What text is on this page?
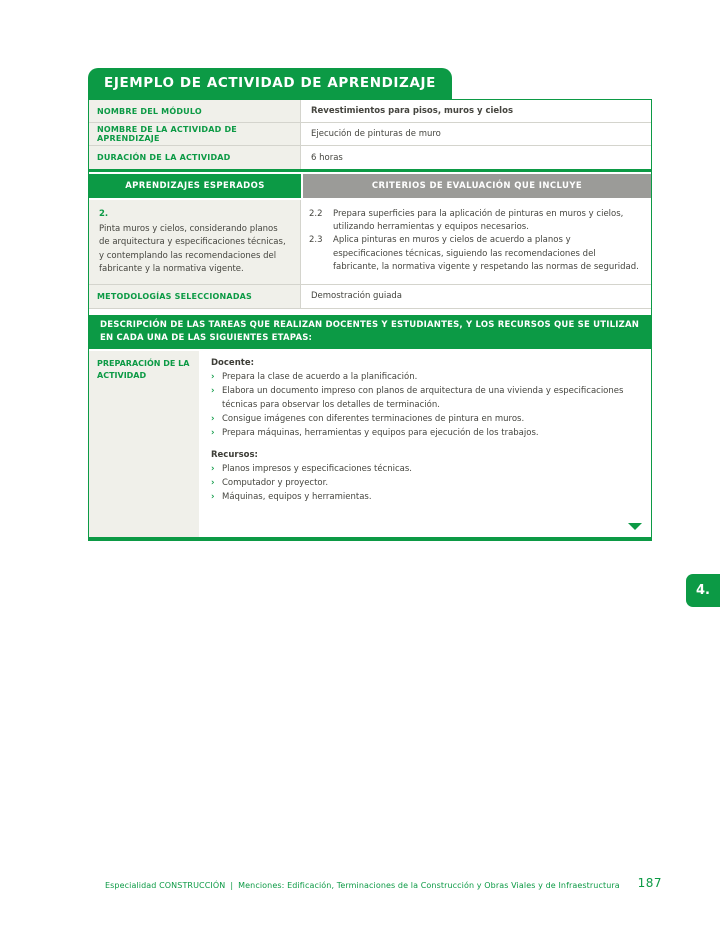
EJEMPLO DE ACTIVIDAD DE APRENDIZAJE
NOMBRE DEL MÓDULO	Revestimientos para pisos, muros y cielos
NOMBRE DE LA ACTIVIDAD DE APRENDIZAJE	Ejecución de pinturas de muro
DURACIÓN DE LA ACTIVIDAD	6 horas
APRENDIZAJES ESPERADOS	CRITERIOS DE EVALUACIÓN QUE INCLUYE
2.
Pinta muros y cielos, considerando planos de arquitectura y especificaciones técnicas, y contemplando las recomendaciones del fabricante y la normativa vigente.
2.2	Prepara superficies para la aplicación de pinturas en muros y cielos, utilizando herramientas y equipos necesarios.
2.3	Aplica pinturas en muros y cielos de acuerdo a planos y especificaciones técnicas, siguiendo las recomendaciones del fabricante, la normativa vigente y respetando las normas de seguridad.
METODOLOGÍAS SELECCIONADAS	Demostración guiada
DESCRIPCIÓN DE LAS TAREAS QUE REALIZAN DOCENTES Y ESTUDIANTES, Y LOS RECURSOS QUE SE UTILIZAN EN CADA UNA DE LAS SIGUIENTES ETAPAS:
PREPARACIÓN DE LA ACTIVIDAD
Docente:
› Prepara la clase de acuerdo a la planificación.
› Elabora un documento impreso con planos de arquitectura de una vivienda y especificaciones técnicas para observar los detalles de terminación.
› Consigue imágenes con diferentes terminaciones de pintura en muros.
› Prepara máquinas, herramientas y equipos para ejecución de los trabajos.
Recursos:
› Planos impresos y especificaciones técnicas.
› Computador y proyector.
› Máquinas, equipos y herramientas.
4.
Especialidad CONSTRUCCIÓN | Menciones: Edificación, Terminaciones de la Construcción y Obras Viales y de Infraestructura 187
